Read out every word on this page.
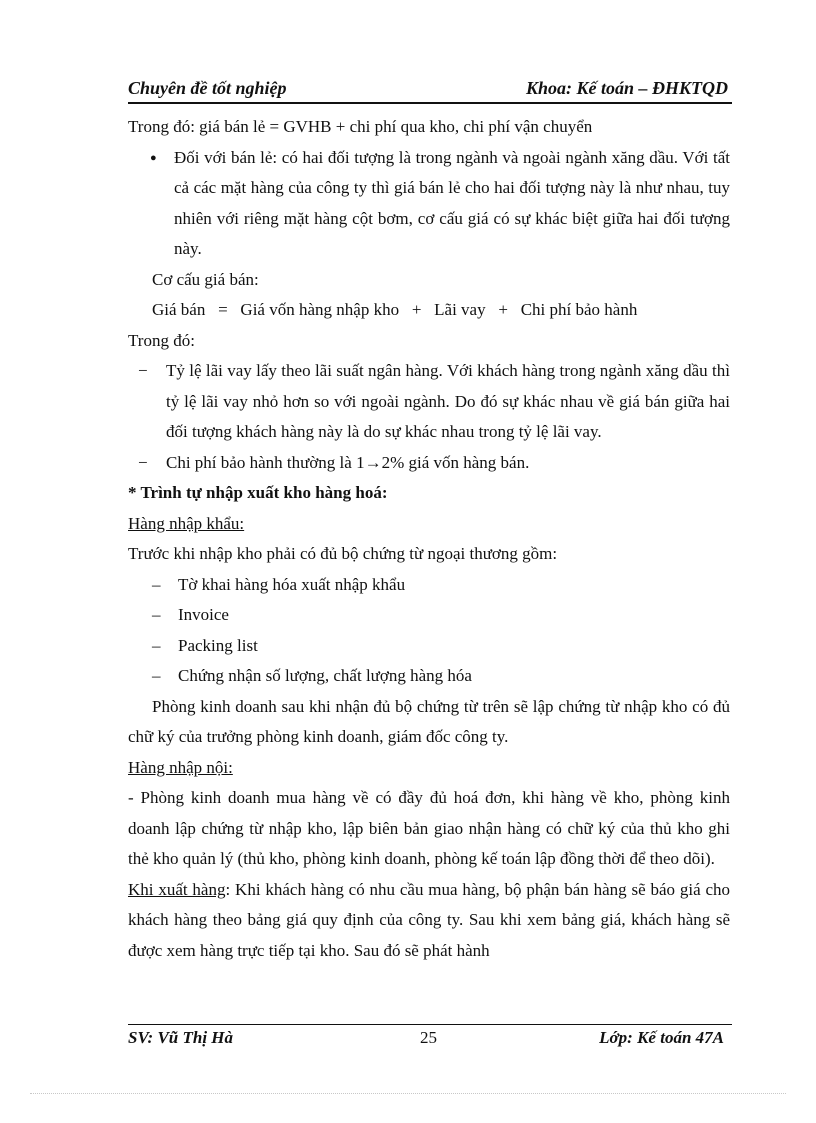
Chuyên đề tốt nghiệp	Khoa: Kế toán – ĐHKTQD

Trong đó: giá bán lẻ = GVHB + chi phí qua kho, chi phí vận chuyển

●	Đối với bán lẻ: có hai đối tượng là trong ngành và ngoài ngành xăng dầu. Với tất cả các mặt hàng của công ty thì giá bán lẻ cho hai đối tượng này là như nhau, tuy nhiên với riêng mặt hàng cột bơm, cơ cấu giá có sự khác biệt giữa hai đối tượng này.

Cơ cấu giá bán:

Giá bán   =   Giá vốn hàng nhập kho   +   Lãi vay   +   Chi phí bảo hành

Trong đó:

−	Tỷ lệ lãi vay lấy theo lãi suất ngân hàng. Với khách hàng trong ngành xăng dầu thì tỷ lệ lãi vay nhỏ hơn so với ngoài ngành. Do đó sự khác nhau về giá bán giữa hai đối tượng khách hàng này là do sự khác nhau trong tỷ lệ lãi vay.

−	Chi phí bảo hành thường là 1→2% giá vốn hàng bán.

* Trình tự nhập xuất kho hàng hoá:

Hàng nhập khẩu:

Trước khi nhập kho phải có đủ bộ chứng từ ngoại thương gồm:

–	Tờ khai hàng hóa xuất nhập khẩu
–	Invoice
–	Packing list
–	Chứng nhận số lượng, chất lượng hàng hóa

Phòng kinh doanh sau khi nhận đủ bộ chứng từ trên sẽ lập chứng từ nhập kho có đủ chữ ký của trưởng phòng kinh doanh, giám đốc công ty.

Hàng nhập nội:

- Phòng kinh doanh mua hàng về có đầy đủ hoá đơn, khi hàng về kho, phòng kinh doanh lập chứng từ nhập kho, lập biên bản giao nhận hàng có chữ ký của thủ kho ghi thẻ kho quản lý (thủ kho, phòng kinh doanh, phòng kế toán lập đồng thời để theo dõi).

Khi xuất hàng: Khi khách hàng có nhu cầu mua hàng, bộ phận bán hàng sẽ báo giá cho khách hàng theo bảng giá quy định của công ty. Sau khi xem bảng giá, khách hàng sẽ được xem hàng trực tiếp tại kho. Sau đó sẽ phát hành

SV: Vũ Thị Hà	25	Lớp: Kế toán 47A
